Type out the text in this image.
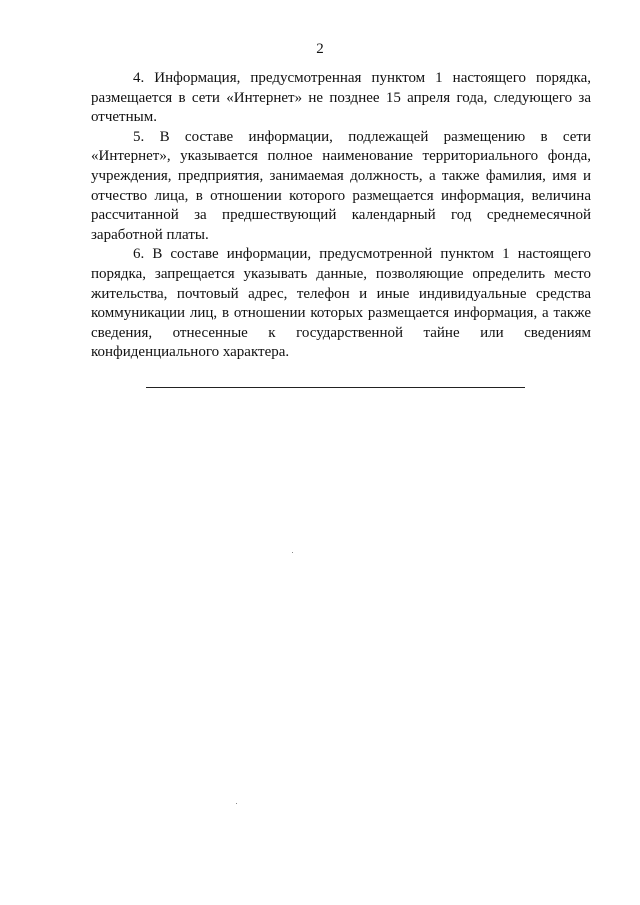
2

4. Информация, предусмотренная пунктом 1 настоящего порядка, размещается в сети «Интернет» не позднее 15 апреля года, следующего за отчетным.

5. В составе информации, подлежащей размещению в сети «Интернет», указывается полное наименование территориального фонда, учреждения, предприятия, занимаемая должность, а также фамилия, имя и отчество лица, в отношении которого размещается информация, величина рассчитанной за предшествующий календарный год среднемесячной заработной платы.

6. В составе информации, предусмотренной пунктом 1 настоящего порядка, запрещается указывать данные, позволяющие определить место жительства, почтовый адрес, телефон и иные индивидуальные средства коммуникации лиц, в отношении которых размещается информация, а также сведения, отнесенные к государственной тайне или сведениям конфиденциального характера.
